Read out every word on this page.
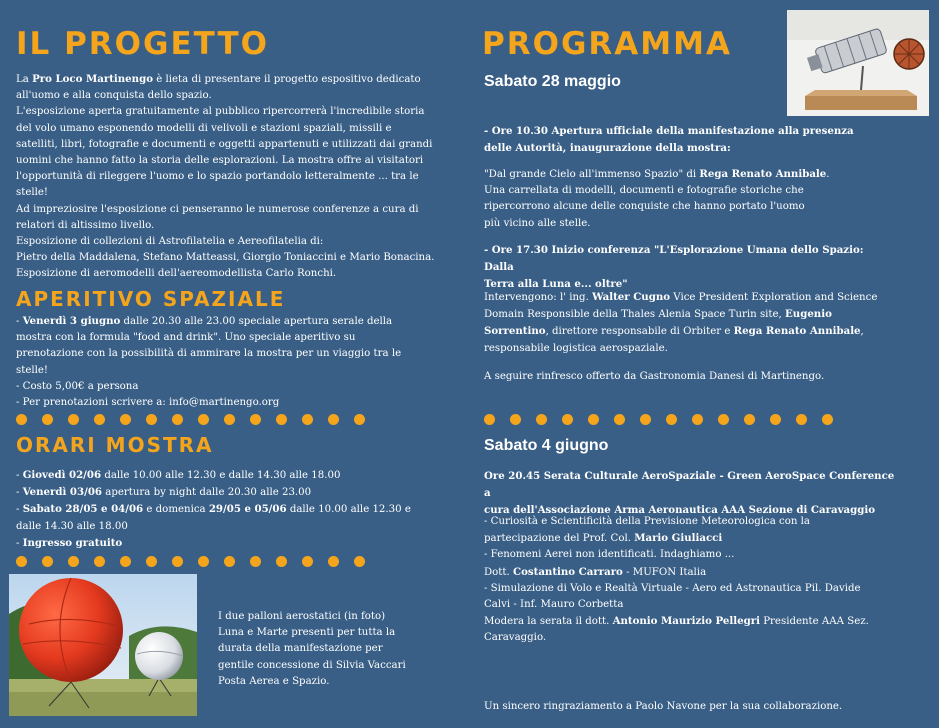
IL PROGETTO

La Pro Loco Martinengo è lieta di presentare il progetto espositivo dedicato

all'uomo e alla conquista dello spazio.

L'esposizione aperta gratuitamente al pubblico ripercorrerà l'incredibile storia

del volo umano esponendo modelli di velivoli e stazioni spaziali, missili e

satelliti, libri, fotografie e documenti e oggetti appartenuti e utilizzati dai grandi

uomini che hanno fatto la storia delle esplorazioni. La mostra offre ai visitatori

l'opportunità di rileggere l'uomo e lo spazio portandolo letteralmente ... tra le

stelle!

Ad impreziosire l'esposizione ci penseranno le numerose conferenze a cura di

relatori di altissimo livello.

Esposizione di collezioni di Astrofilatelia e Aereofilatelia di:

Pietro della Maddalena, Stefano Matteassi, Giorgio Toniaccini e Mario Bonacina.

Esposizione di aeromodelli dell'aereomodellista Carlo Ronchi.

APERITIVO SPAZIALE

- Venerdì 3 giugno dalle 20.30 alle 23.00 speciale apertura serale della

mostra con la formula "food and drink". Uno speciale aperitivo su

prenotazione con la possibilità di ammirare la mostra per un viaggio tra le

stelle!

- Costo 5,00€ a persona

- Per prenotazioni scrivere a: info@martinengo.org

ORARI MOSTRA

- Giovedì 02/06 dalle 10.00 alle 12.30 e dalle 14.30 alle 18.00

- Venerdì 03/06 apertura by night dalle 20.30 alle 23.00

- Sabato 28/05 e 04/06 e domenica 29/05 e 05/06 dalle 10.00 alle 12.30 e

dalle 14.30 alle 18.00

- Ingresso gratuito

I due palloni aerostatici (in foto)

Luna e Marte presenti per tutta la

durata della manifestazione per

gentile concessione di Silvia Vaccari

Posta Aerea e Spazio.

PROGRAMMA
Sabato 28 maggio

- Ore 10.30 Apertura ufficiale della manifestazione alla presenza

delle Autorità, inaugurazione della mostra:

"Dal grande Cielo all'immenso Spazio" di Rega Renato Annibale.

Una carrellata di modelli, documenti e fotografie storiche che

ripercorrono alcune delle conquiste che hanno portato l'uomo

più vicino alle stelle.

- Ore 17.30 Inizio conferenza "L'Esplorazione Umana dello Spazio: Dalla

Terra alla Luna e... oltre"

Intervengono: l' ing. Walter Cugno Vice President Exploration and Science

Domain Responsible della Thales Alenia Space Turin site, Eugenio

Sorrentino, direttore responsabile di Orbiter e Rega Renato Annibale,

responsabile logistica aerospaziale.

A seguire rinfresco offerto da Gastronomia Danesi di Martinengo.

Sabato 4 giugno

Ore 20.45 Serata Culturale AeroSpaziale - Green AeroSpace Conference a

cura dell'Associazione Arma Aeronautica AAA Sezione di Caravaggio

- Curiosità e Scientificità della Previsione Meteorologica con la

partecipazione del Prof. Col. Mario Giuliacci

- Fenomeni Aerei non identificati. Indaghiamo ...

Dott. Costantino Carraro - MUFON Italia

- Simulazione di Volo e Realtà Virtuale - Aero ed Astronautica Pil. Davide

Calvi - Inf. Mauro Corbetta

Modera la serata il dott. Antonio Maurizio Pellegri Presidente AAA Sez.

Caravaggio.

Un sincero ringraziamento a Paolo Navone per la sua collaborazione.
